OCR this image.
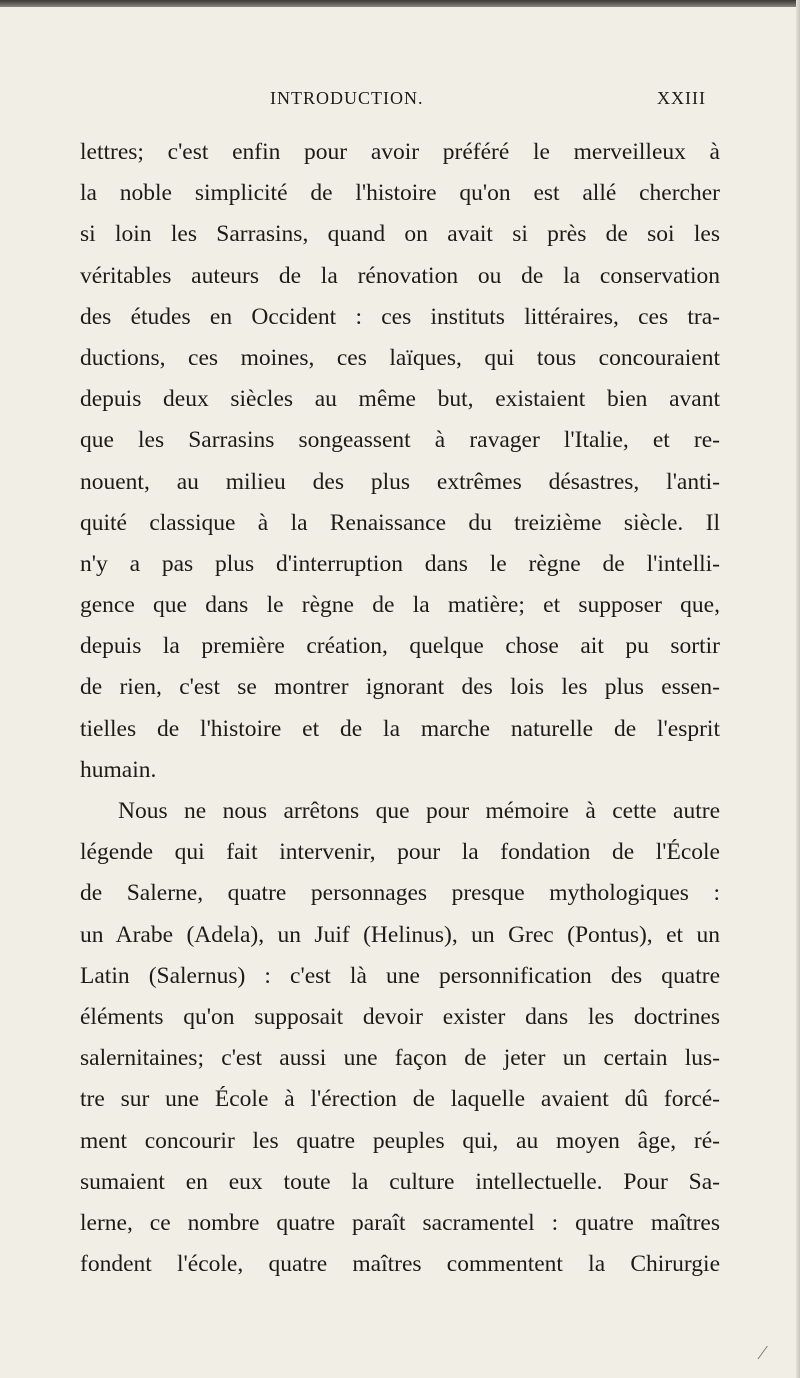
INTRODUCTION.	XXIII
lettres; c'est enfin pour avoir préféré le merveilleux à
la noble simplicité de l'histoire qu'on est allé chercher
si loin les Sarrasins, quand on avait si près de soi les
véritables auteurs de la rénovation ou de la conservation
des études en Occident : ces instituts littéraires, ces tra-
ductions, ces moines, ces laïques, qui tous concouraient
depuis deux siècles au même but, existaient bien avant
que les Sarrasins songeassent à ravager l'Italie, et re-
nouent, au milieu des plus extrêmes désastres, l'anti-
quité classique à la Renaissance du treizième siècle. Il
n'y a pas plus d'interruption dans le règne de l'intelli-
gence que dans le règne de la matière; et supposer que,
depuis la première création, quelque chose ait pu sortir
de rien, c'est se montrer ignorant des lois les plus essen-
tielles de l'histoire et de la marche naturelle de l'esprit
humain.
Nous ne nous arrêtons que pour mémoire à cette autre
légende qui fait intervenir, pour la fondation de l'École
de Salerne, quatre personnages presque mythologiques :
un Arabe (Adela), un Juif (Helinus), un Grec (Pontus), et un
Latin (Salernus) : c'est là une personnification des quatre
éléments qu'on supposait devoir exister dans les doctrines
salernitaines; c'est aussi une façon de jeter un certain lus-
tre sur une École à l'érection de laquelle avaient dû forcé-
ment concourir les quatre peuples qui, au moyen âge, ré-
sumaient en eux toute la culture intellectuelle. Pour Sa-
lerne, ce nombre quatre paraît sacramentel : quatre maîtres
fondent l'école, quatre maîtres commentent la Chirurgie
⁄
